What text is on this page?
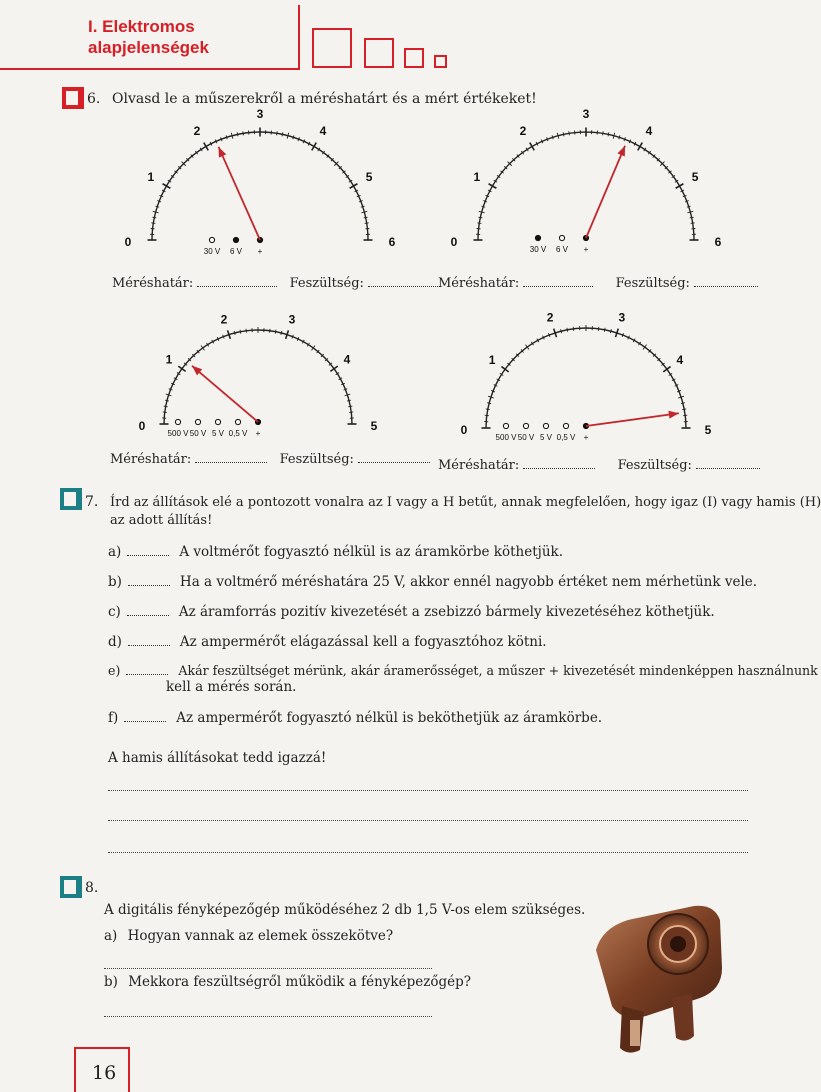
I. Elektromos
alapjelenségek
6. Olvasd le a műszerekről a méréshatárt és a mért értékeket!
0
1
2
3
4
5
6
30 V 6 V +
0
1
2
3
4
5
6
30 V 6 V +
0
1
2	3
4
5
500 V 50 V 5 V 0,5 V +	0
1
2	3
4
5
500 V 50 V 5 V 0,5 V +
Méréshatár:	Feszültség:	Méréshatár:	Feszültség:
Méréshatár:	Feszültség:	Méréshatár:	Feszültség:
7. Írd az állítások elé a pontozott vonalra az I vagy a H betűt, annak megfelelően, hogy igaz (I) vagy hamis (H)
az adott állítás!
a)	A voltmérőt fogyasztó nélkül is az áramkörbe köthetjük.
b)	Ha a voltmérő méréshatára 25 V, akkor ennél nagyobb értéket nem mérhetünk vele.
c)	Az áramforrás pozitív kivezetését a zsebizzó bármely kivezetéséhez köthetjük.
d)	Az ampermérőt elágazással kell a fogyasztóhoz kötni.
e)	Akár feszültséget mérünk, akár áramerősséget, a műszer + kivezetését mindenképpen használnunk
kell a mérés során.
f)	Az ampermérőt fogyasztó nélkül is beköthetjük az áramkörbe.
A hamis állításokat tedd igazzá!
8.
A digitális fényképezőgép működéséhez 2 db 1,5 V-os elem szükséges.
a) Hogyan vannak az elemek összekötve?
b) Mekkora feszültségről működik a fényképezőgép?
16
